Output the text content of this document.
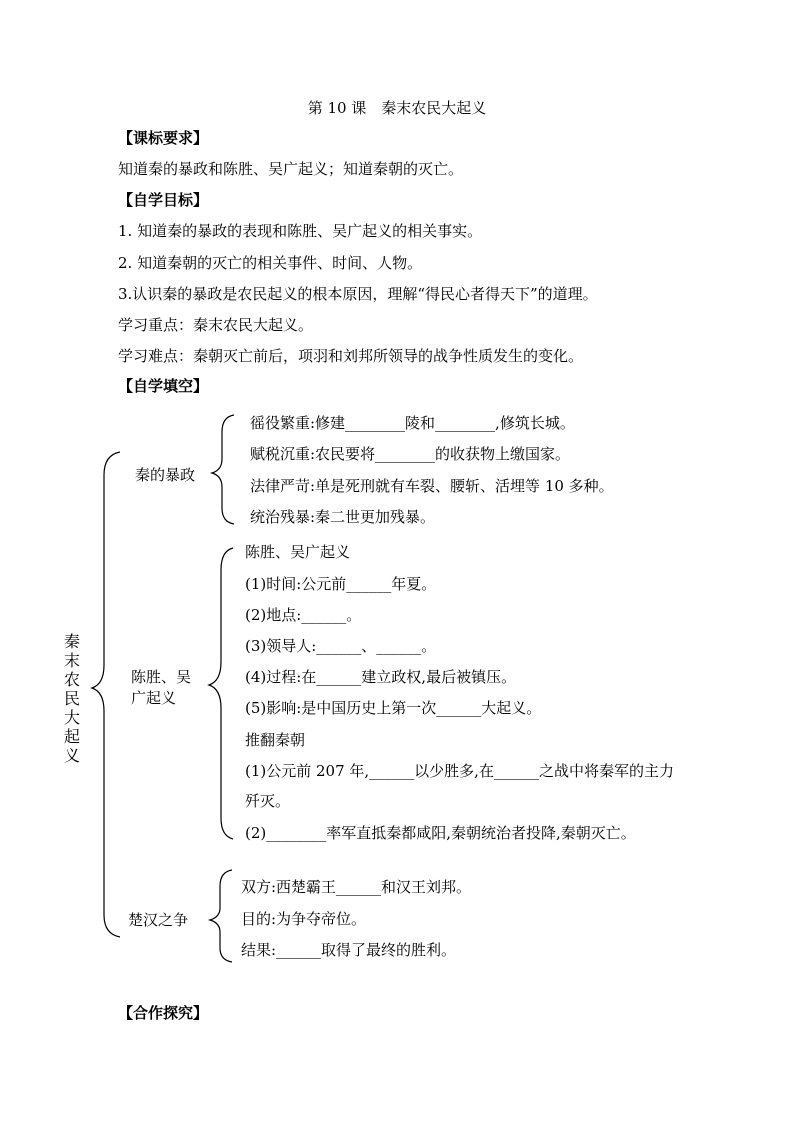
第 10 课　秦末农民大起义
【课标要求】
知道秦的暴政和陈胜、吴广起义；知道秦朝的灭亡。
【自学目标】
1. 知道秦的暴政的表现和陈胜、吴广起义的相关事实。
2. 知道秦朝的灭亡的相关事件、时间、人物。
3.认识秦的暴政是农民起义的根本原因，理解“得民心者得天下”的道理。
学习重点：秦末农民大起义。
学习难点：秦朝灭亡前后，项羽和刘邦所领导的战争性质发生的变化。
【自学填空】
秦
末
农
民
大
起
义
秦的暴政
徭役繁重:修建________陵和________,修筑长城。
赋税沉重:农民要将________的收获物上缴国家。
法律严苛:单是死刑就有车裂、腰斩、活埋等 10 多种。
统治残暴:秦二世更加残暴。
陈胜、吴
广起义
陈胜、吴广起义
(1)时间:公元前______年夏。
(2)地点:______。
(3)领导人:______、______。
(4)过程:在______建立政权,最后被镇压。
(5)影响:是中国历史上第一次______大起义。
推翻秦朝
(1)公元前 207 年,______以少胜多,在______之战中将秦军的主力
歼灭。
(2)________率军直抵秦都咸阳,秦朝统治者投降,秦朝灭亡。
楚汉之争
双方:西楚霸王______和汉王刘邦。
目的:为争夺帝位。
结果:______取得了最终的胜利。
【合作探究】
